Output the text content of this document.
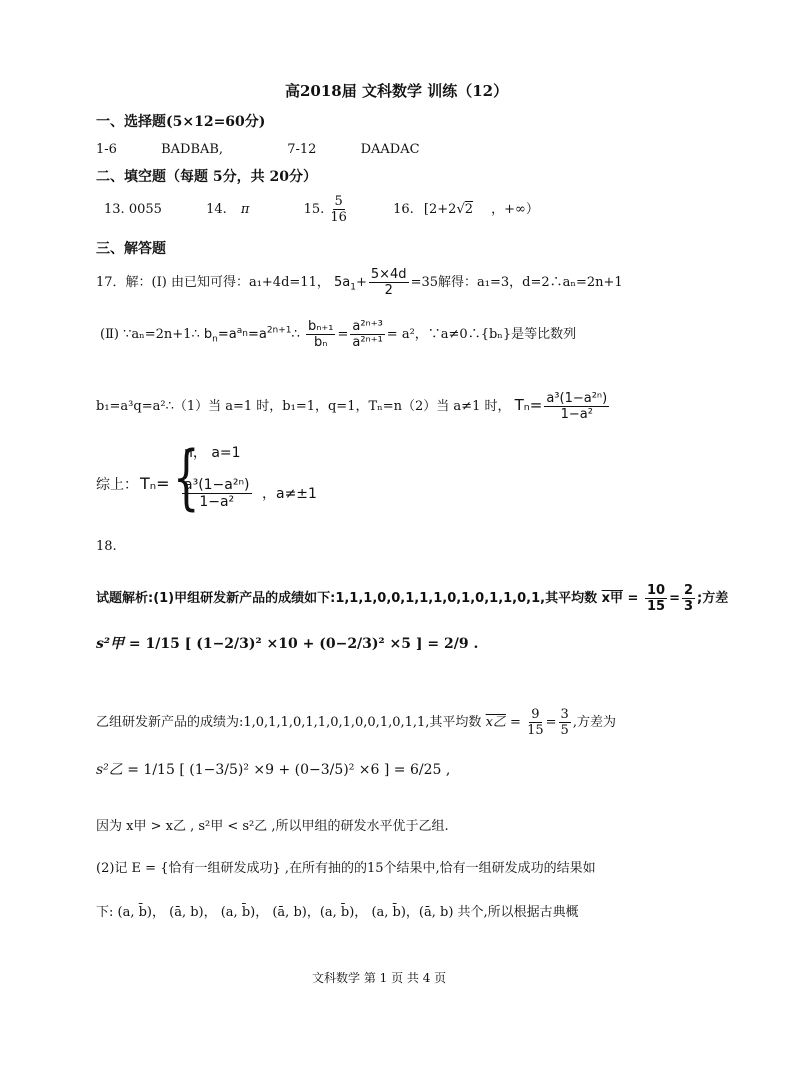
高2018届 文科数学 训练（12）
一、选择题(5×12=60分)
1-6	BADBAB,	7-12	DAADAC
二、填空题（每题 5分，共 20分）
13. 0055	14. π	15. $\frac{5}{16}$	16. [2+2√2 ，+∞）
三、解答题
17．解：(Ⅰ) 由已知可得：a₁+4d=11， $5a_1+ \frac{5\times 4d}{2} =35$解得：a₁=3，d=2∴aₙ=2n+1
(Ⅱ) ∵aₙ=2n+1∴ $b_n=a^{a_n}=a^{2n+1}\therefore \frac{\text{bₙ₊₁}}{\text{bₙ}} = \frac{\text{a²ⁿ⁺³}}{\text{a²ⁿ⁺¹}} = a^2$，∵a≠0∴{bₙ}是等比数列
b₁=a³q=a²∴（1）当 a=1 时，b₁=1，q=1，Tₙ=n（2）当 a≠1 时， $T_n= \frac{\text{a³(1−a²ⁿ)}}{\text{1−a²}}$
综上： Tₙ= {
n， a=1
$\frac{\text{a³(1−a²ⁿ)}}{\text{1−a²}}$ ，a≠±1
18.
试题解析:(1)甲组研发新产品的成绩如下:1,1,1,0,0,1,1,1,0,1,0,1,1,0,1,其平均数 x甲 = $\frac{10}{15} = \frac{2}{3}$ ;方差
s²甲 = 1/15 [ (1−2/3)² ×10 + (0−2/3)² ×5 ] = 2/9 .
乙组研发新产品的成绩为:1,0,1,1,0,1,1,0,1,0,0,1,0,1,1,其平均数 x乙 = $\frac{9}{15} = \frac{3}{5}$ ,方差为
s²乙 = 1/15 [ (1−3/5)² ×9 + (0−3/5)² ×6 ] = 6/25 ,
因为 x甲 > x乙 , s²甲 < s²乙 ,所以甲组的研发水平优于乙组.
(2)记 E = {恰有一组研发成功} ,在所有抽的的15个结果中,恰有一组研发成功的结果如
下: (a, b̄)， (ā, b)， (a, b̄)， (ā, b)，(a, b̄)， (a, b̄)，(ā, b) 共个,所以根据古典概
文科数学 第 1 页 共 4 页
